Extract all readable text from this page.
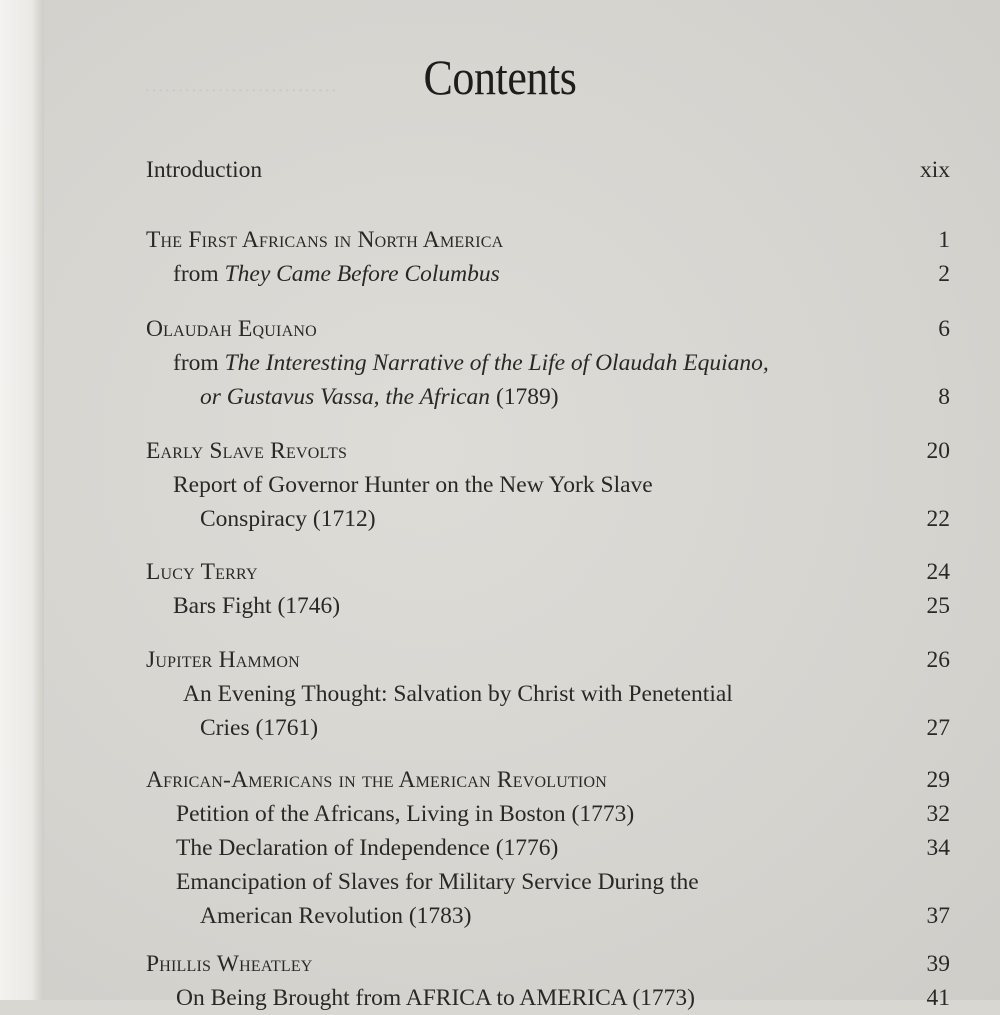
·····························	Contents
Introduction	xix
The First Africans in North America	1
from They Came Before Columbus	2
Olaudah Equiano	6
from The Interesting Narrative of the Life of Olaudah Equiano,
or Gustavus Vassa, the African (1789)	8
Early Slave Revolts	20
Report of Governor Hunter on the New York Slave
Conspiracy (1712)	22
Lucy Terry	24
Bars Fight (1746)	25
Jupiter Hammon	26
An Evening Thought: Salvation by Christ with Penetential
Cries (1761)	27
African-Americans in the American Revolution	29
Petition of the Africans, Living in Boston (1773)	32
The Declaration of Independence (1776)	34
Emancipation of Slaves for Military Service During the
American Revolution (1783)	37
Phillis Wheatley	39
On Being Brought from AFRICA to AMERICA (1773)	41
